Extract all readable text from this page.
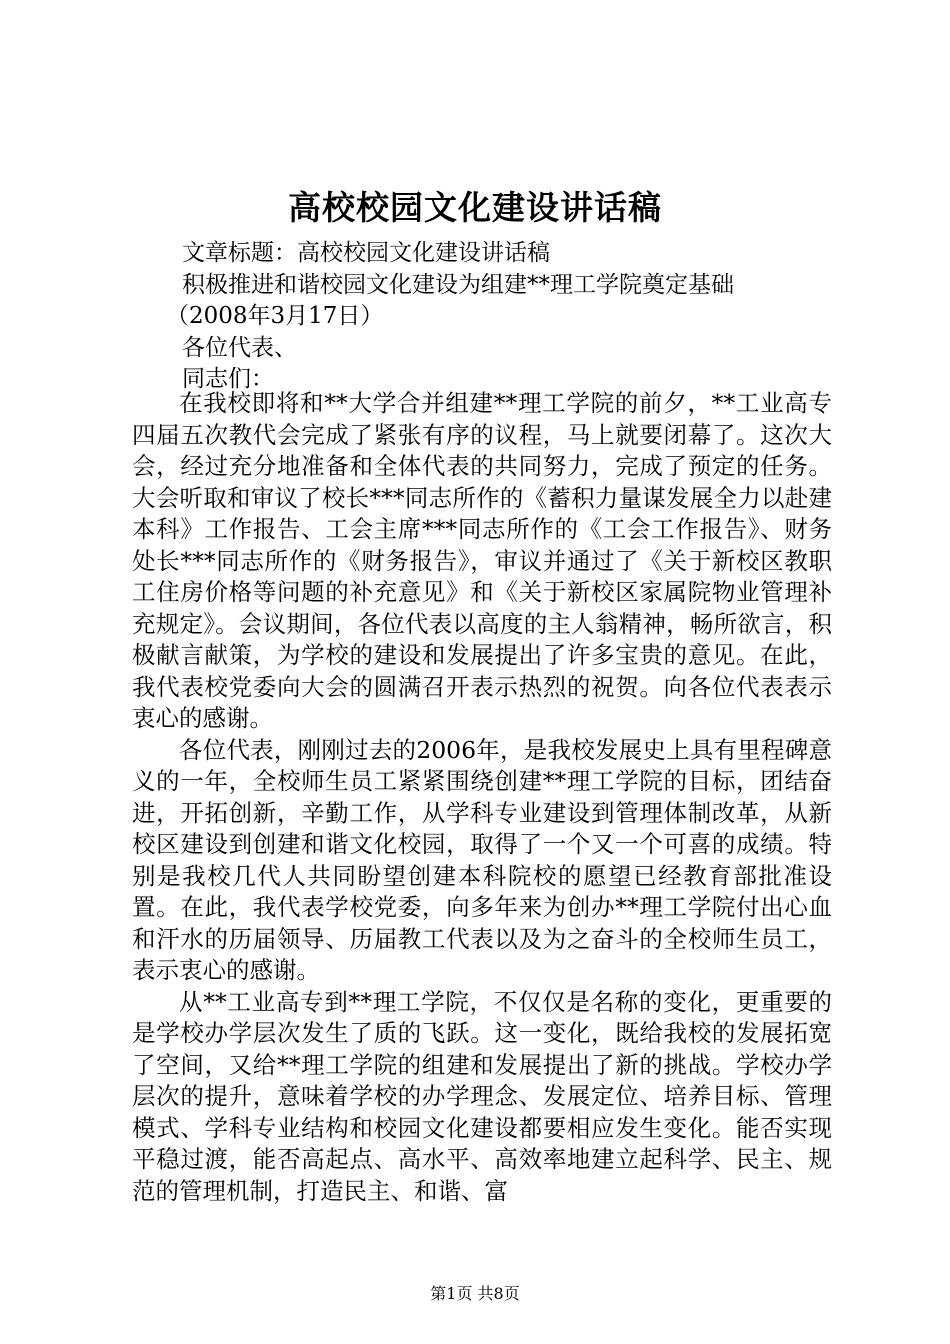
高校校园文化建设讲话稿
文章标题：高校校园文化建设讲话稿
积极推进和谐校园文化建设为组建**理工学院奠定基础
（2008年3月17日）
各位代表、
同志们：

在我校即将和**大学合并组建**理工学院的前夕，**工业高专四届五次教代会完成了紧张有序的议程，马上就要闭幕了。这次大会，经过充分地准备和全体代表的共同努力，完成了预定的任务。大会听取和审议了校长***同志所作的《蓄积力量谋发展全力以赴建本科》工作报告、工会主席***同志所作的《工会工作报告》、财务处长***同志所作的《财务报告》，审议并通过了《关于新校区教职工住房价格等问题的补充意见》和《关于新校区家属院物业管理补充规定》。会议期间，各位代表以高度的主人翁精神，畅所欲言，积极献言献策，为学校的建设和发展提出了许多宝贵的意见。在此，我代表校党委向大会的圆满召开表示热烈的祝贺。向各位代表表示衷心的感谢。

各位代表，刚刚过去的2006年，是我校发展史上具有里程碑意义的一年，全校师生员工紧紧围绕创建**理工学院的目标，团结奋进，开拓创新，辛勤工作，从学科专业建设到管理体制改革，从新校区建设到创建和谐文化校园，取得了一个又一个可喜的成绩。特别是我校几代人共同盼望创建本科院校的愿望已经教育部批准设置。在此，我代表学校党委，向多年来为创办**理工学院付出心血和汗水的历届领导、历届教工代表以及为之奋斗的全校师生员工，表示衷心的感谢。

从**工业高专到**理工学院，不仅仅是名称的变化，更重要的是学校办学层次发生了质的飞跃。这一变化，既给我校的发展拓宽了空间，又给**理工学院的组建和发展提出了新的挑战。学校办学层次的提升，意味着学校的办学理念、发展定位、培养目标、管理模式、学科专业结构和校园文化建设都要相应发生变化。能否实现平稳过渡，能否高起点、高水平、高效率地建立起科学、民主、规范的管理机制，打造民主、和谐、富

第1页 共8页
